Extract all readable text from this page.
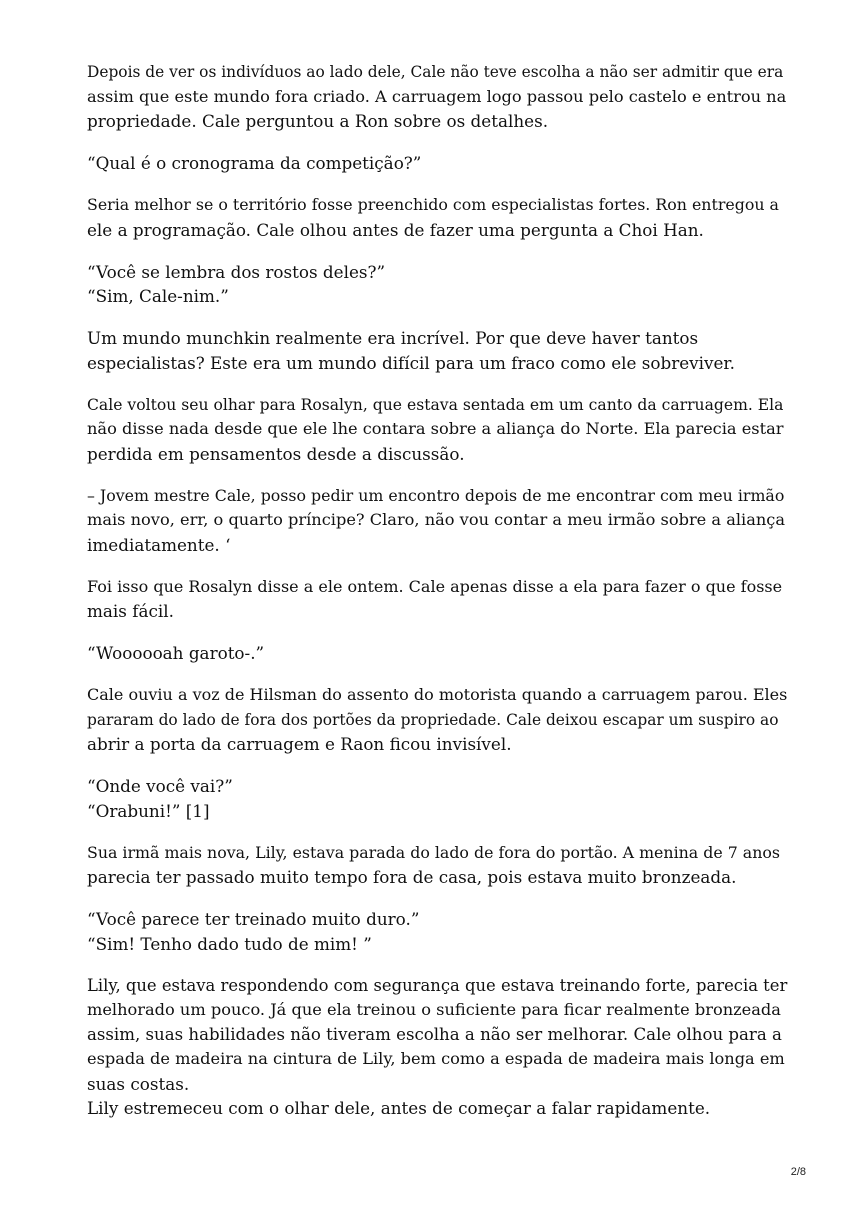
Depois de ver os indivíduos ao lado dele, Cale não teve escolha a não ser admitir que era
assim que este mundo fora criado. A carruagem logo passou pelo castelo e entrou na
propriedade. Cale perguntou a Ron sobre os detalhes.

“Qual é o cronograma da competição?”

Seria melhor se o território fosse preenchido com especialistas fortes. Ron entregou a
ele a programação. Cale olhou antes de fazer uma pergunta a Choi Han.

“Você se lembra dos rostos deles?”
“Sim, Cale-nim.”

Um mundo munchkin realmente era incrível. Por que deve haver tantos
especialistas? Este era um mundo difícil para um fraco como ele sobreviver.

Cale voltou seu olhar para Rosalyn, que estava sentada em um canto da carruagem. Ela
não disse nada desde que ele lhe contara sobre a aliança do Norte. Ela parecia estar
perdida em pensamentos desde a discussão.

– Jovem mestre Cale, posso pedir um encontro depois de me encontrar com meu irmão
mais novo, err, o quarto príncipe? Claro, não vou contar a meu irmão sobre a aliança
imediatamente. ‘

Foi isso que Rosalyn disse a ele ontem. Cale apenas disse a ela para fazer o que fosse
mais fácil.

“Woooooah garoto-.”

Cale ouviu a voz de Hilsman do assento do motorista quando a carruagem parou. Eles
pararam do lado de fora dos portões da propriedade. Cale deixou escapar um suspiro ao
abrir a porta da carruagem e Raon ficou invisível.

“Onde você vai?”
“Orabuni!” [1]

Sua irmã mais nova, Lily, estava parada do lado de fora do portão. A menina de 7 anos
parecia ter passado muito tempo fora de casa, pois estava muito bronzeada.

“Você parece ter treinado muito duro.”
“Sim! Tenho dado tudo de mim! ”

Lily, que estava respondendo com segurança que estava treinando forte, parecia ter
melhorado um pouco. Já que ela treinou o suficiente para ficar realmente bronzeada
assim, suas habilidades não tiveram escolha a não ser melhorar. Cale olhou para a
espada de madeira na cintura de Lily, bem como a espada de madeira mais longa em
suas costas.
Lily estremeceu com o olhar dele, antes de começar a falar rapidamente.

2/8
